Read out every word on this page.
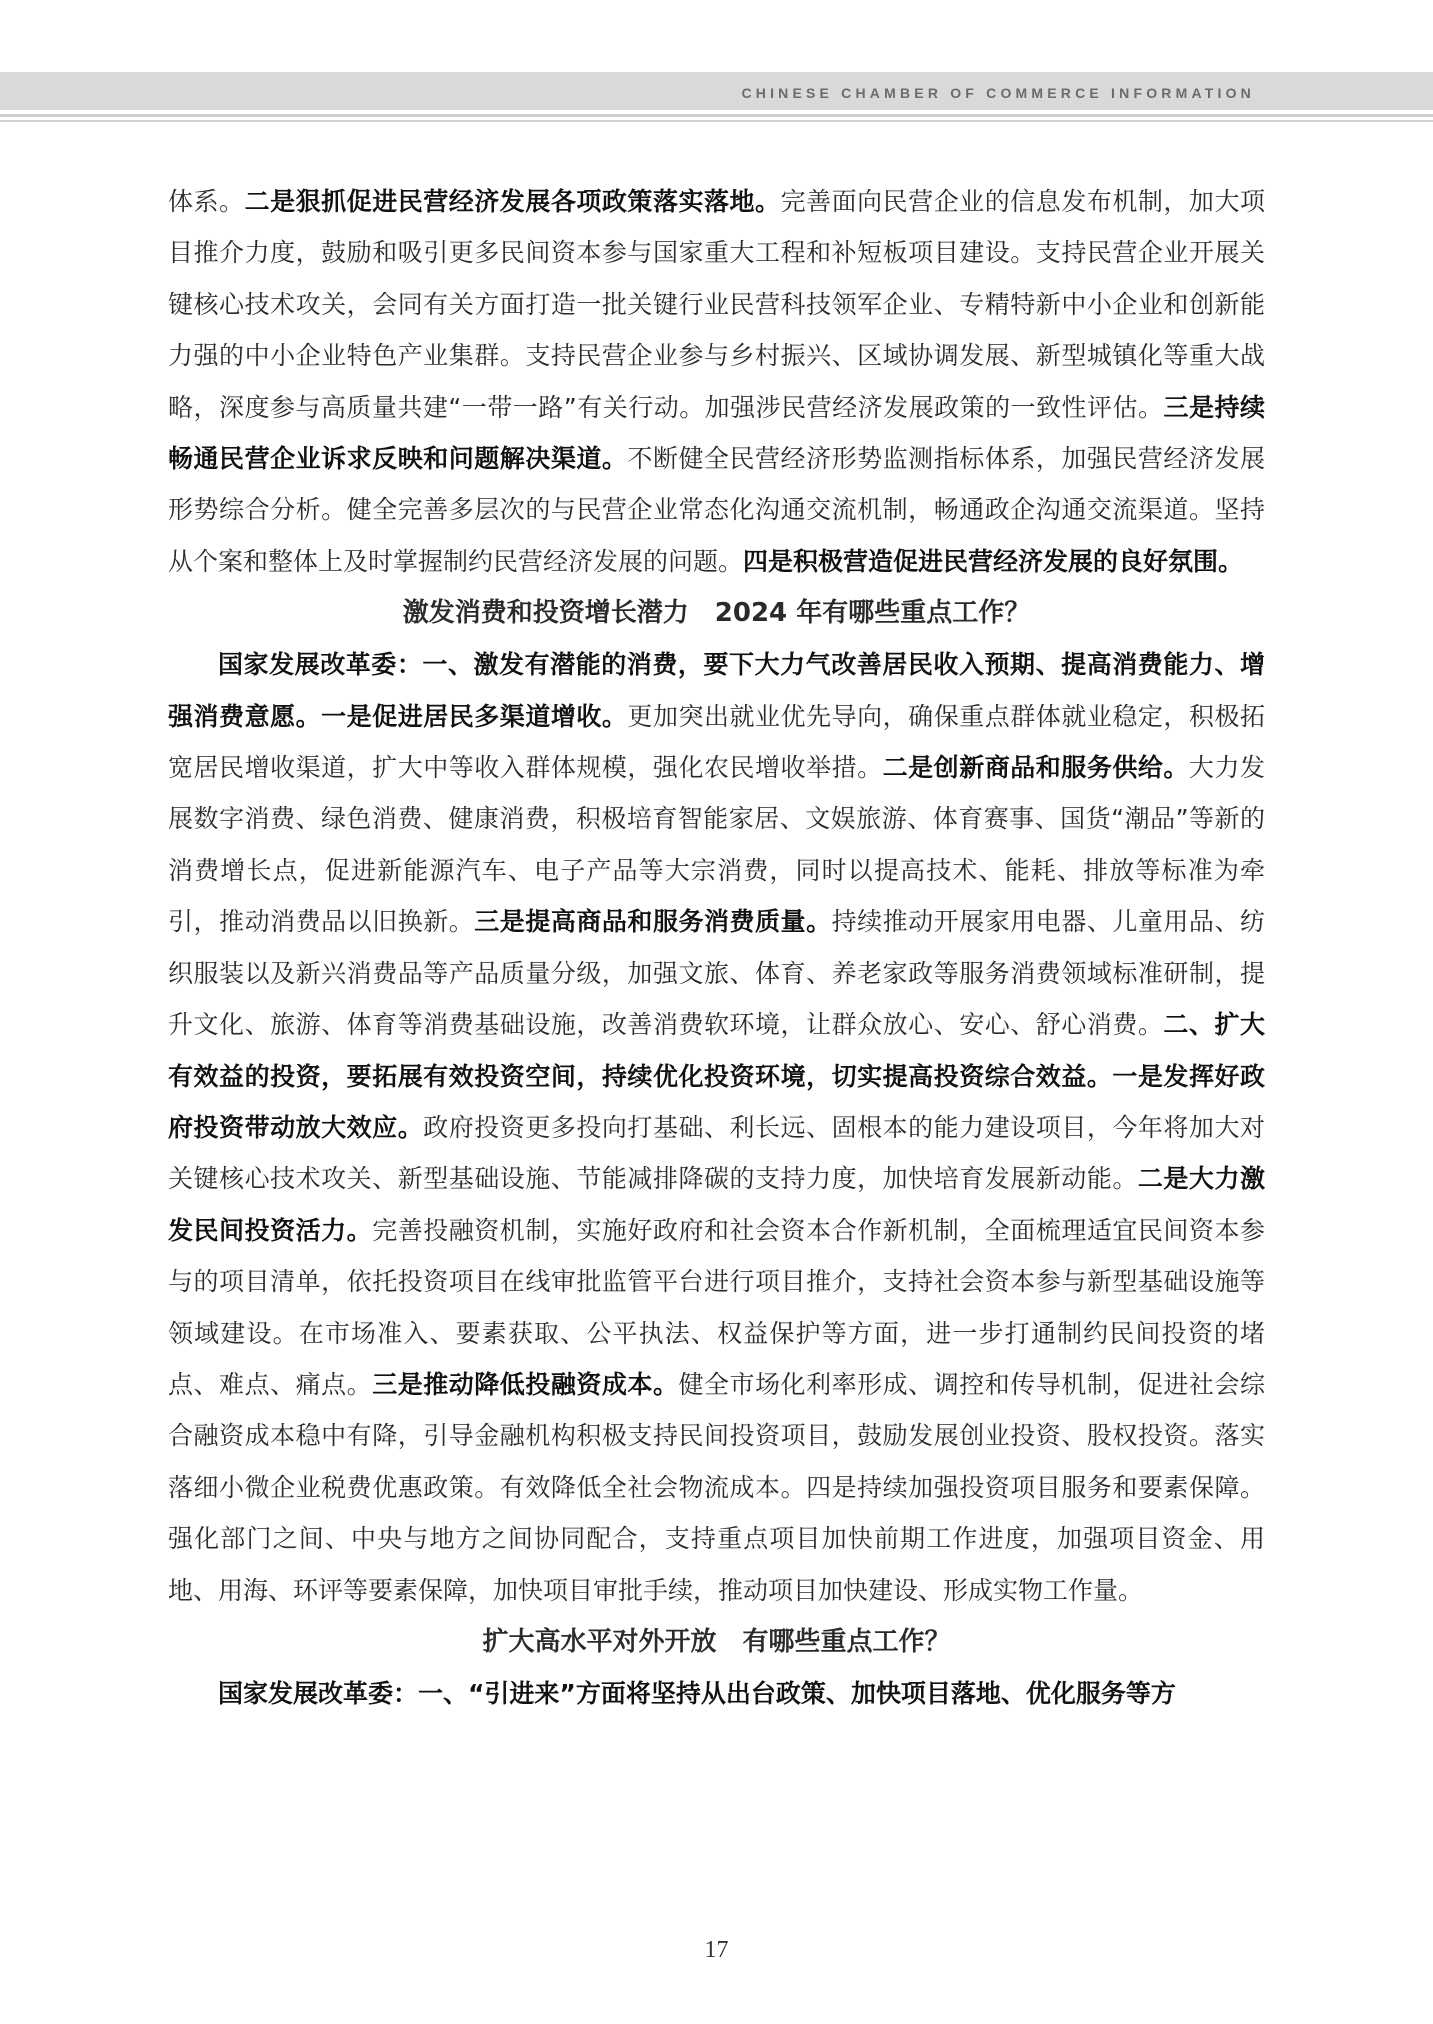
CHINESE CHAMBER OF COMMERCE INFORMATION

体系。二是狠抓促进民营经济发展各项政策落实落地。完善面向民营企业的信息发布机制，加大项目推介力度，鼓励和吸引更多民间资本参与国家重大工程和补短板项目建设。支持民营企业开展关键核心技术攻关，会同有关方面打造一批关键行业民营科技领军企业、专精特新中小企业和创新能力强的中小企业特色产业集群。支持民营企业参与乡村振兴、区域协调发展、新型城镇化等重大战略，深度参与高质量共建“一带一路”有关行动。加强涉民营经济发展政策的一致性评估。三是持续畅通民营企业诉求反映和问题解决渠道。不断健全民营经济形势监测指标体系，加强民营经济发展形势综合分析。健全完善多层次的与民营企业常态化沟通交流机制，畅通政企沟通交流渠道。坚持从个案和整体上及时掌握制约民营经济发展的问题。四是积极营造促进民营经济发展的良好氛围。

激发消费和投资增长潜力　2024 年有哪些重点工作？

国家发展改革委：一、激发有潜能的消费，要下大力气改善居民收入预期、提高消费能力、增强消费意愿。一是促进居民多渠道增收。更加突出就业优先导向，确保重点群体就业稳定，积极拓宽居民增收渠道，扩大中等收入群体规模，强化农民增收举措。二是创新商品和服务供给。大力发展数字消费、绿色消费、健康消费，积极培育智能家居、文娱旅游、体育赛事、国货“潮品”等新的消费增长点，促进新能源汽车、电子产品等大宗消费，同时以提高技术、能耗、排放等标准为牵引，推动消费品以旧换新。三是提高商品和服务消费质量。持续推动开展家用电器、儿童用品、纺织服装以及新兴消费品等产品质量分级，加强文旅、体育、养老家政等服务消费领域标准研制，提升文化、旅游、体育等消费基础设施，改善消费软环境，让群众放心、安心、舒心消费。二、扩大有效益的投资，要拓展有效投资空间，持续优化投资环境，切实提高投资综合效益。一是发挥好政府投资带动放大效应。政府投资更多投向打基础、利长远、固根本的能力建设项目，今年将加大对关键核心技术攻关、新型基础设施、节能减排降碳的支持力度，加快培育发展新动能。二是大力激发民间投资活力。完善投融资机制，实施好政府和社会资本合作新机制，全面梳理适宜民间资本参与的项目清单，依托投资项目在线审批监管平台进行项目推介，支持社会资本参与新型基础设施等领域建设。在市场准入、要素获取、公平执法、权益保护等方面，进一步打通制约民间投资的堵点、难点、痛点。三是推动降低投融资成本。健全市场化利率形成、调控和传导机制，促进社会综合融资成本稳中有降，引导金融机构积极支持民间投资项目，鼓励发展创业投资、股权投资。落实落细小微企业税费优惠政策。有效降低全社会物流成本。四是持续加强投资项目服务和要素保障。强化部门之间、中央与地方之间协同配合，支持重点项目加快前期工作进度，加强项目资金、用地、用海、环评等要素保障，加快项目审批手续，推动项目加快建设、形成实物工作量。

扩大高水平对外开放　有哪些重点工作？

国家发展改革委：一、“引进来”方面将坚持从出台政策、加快项目落地、优化服务等方

17
